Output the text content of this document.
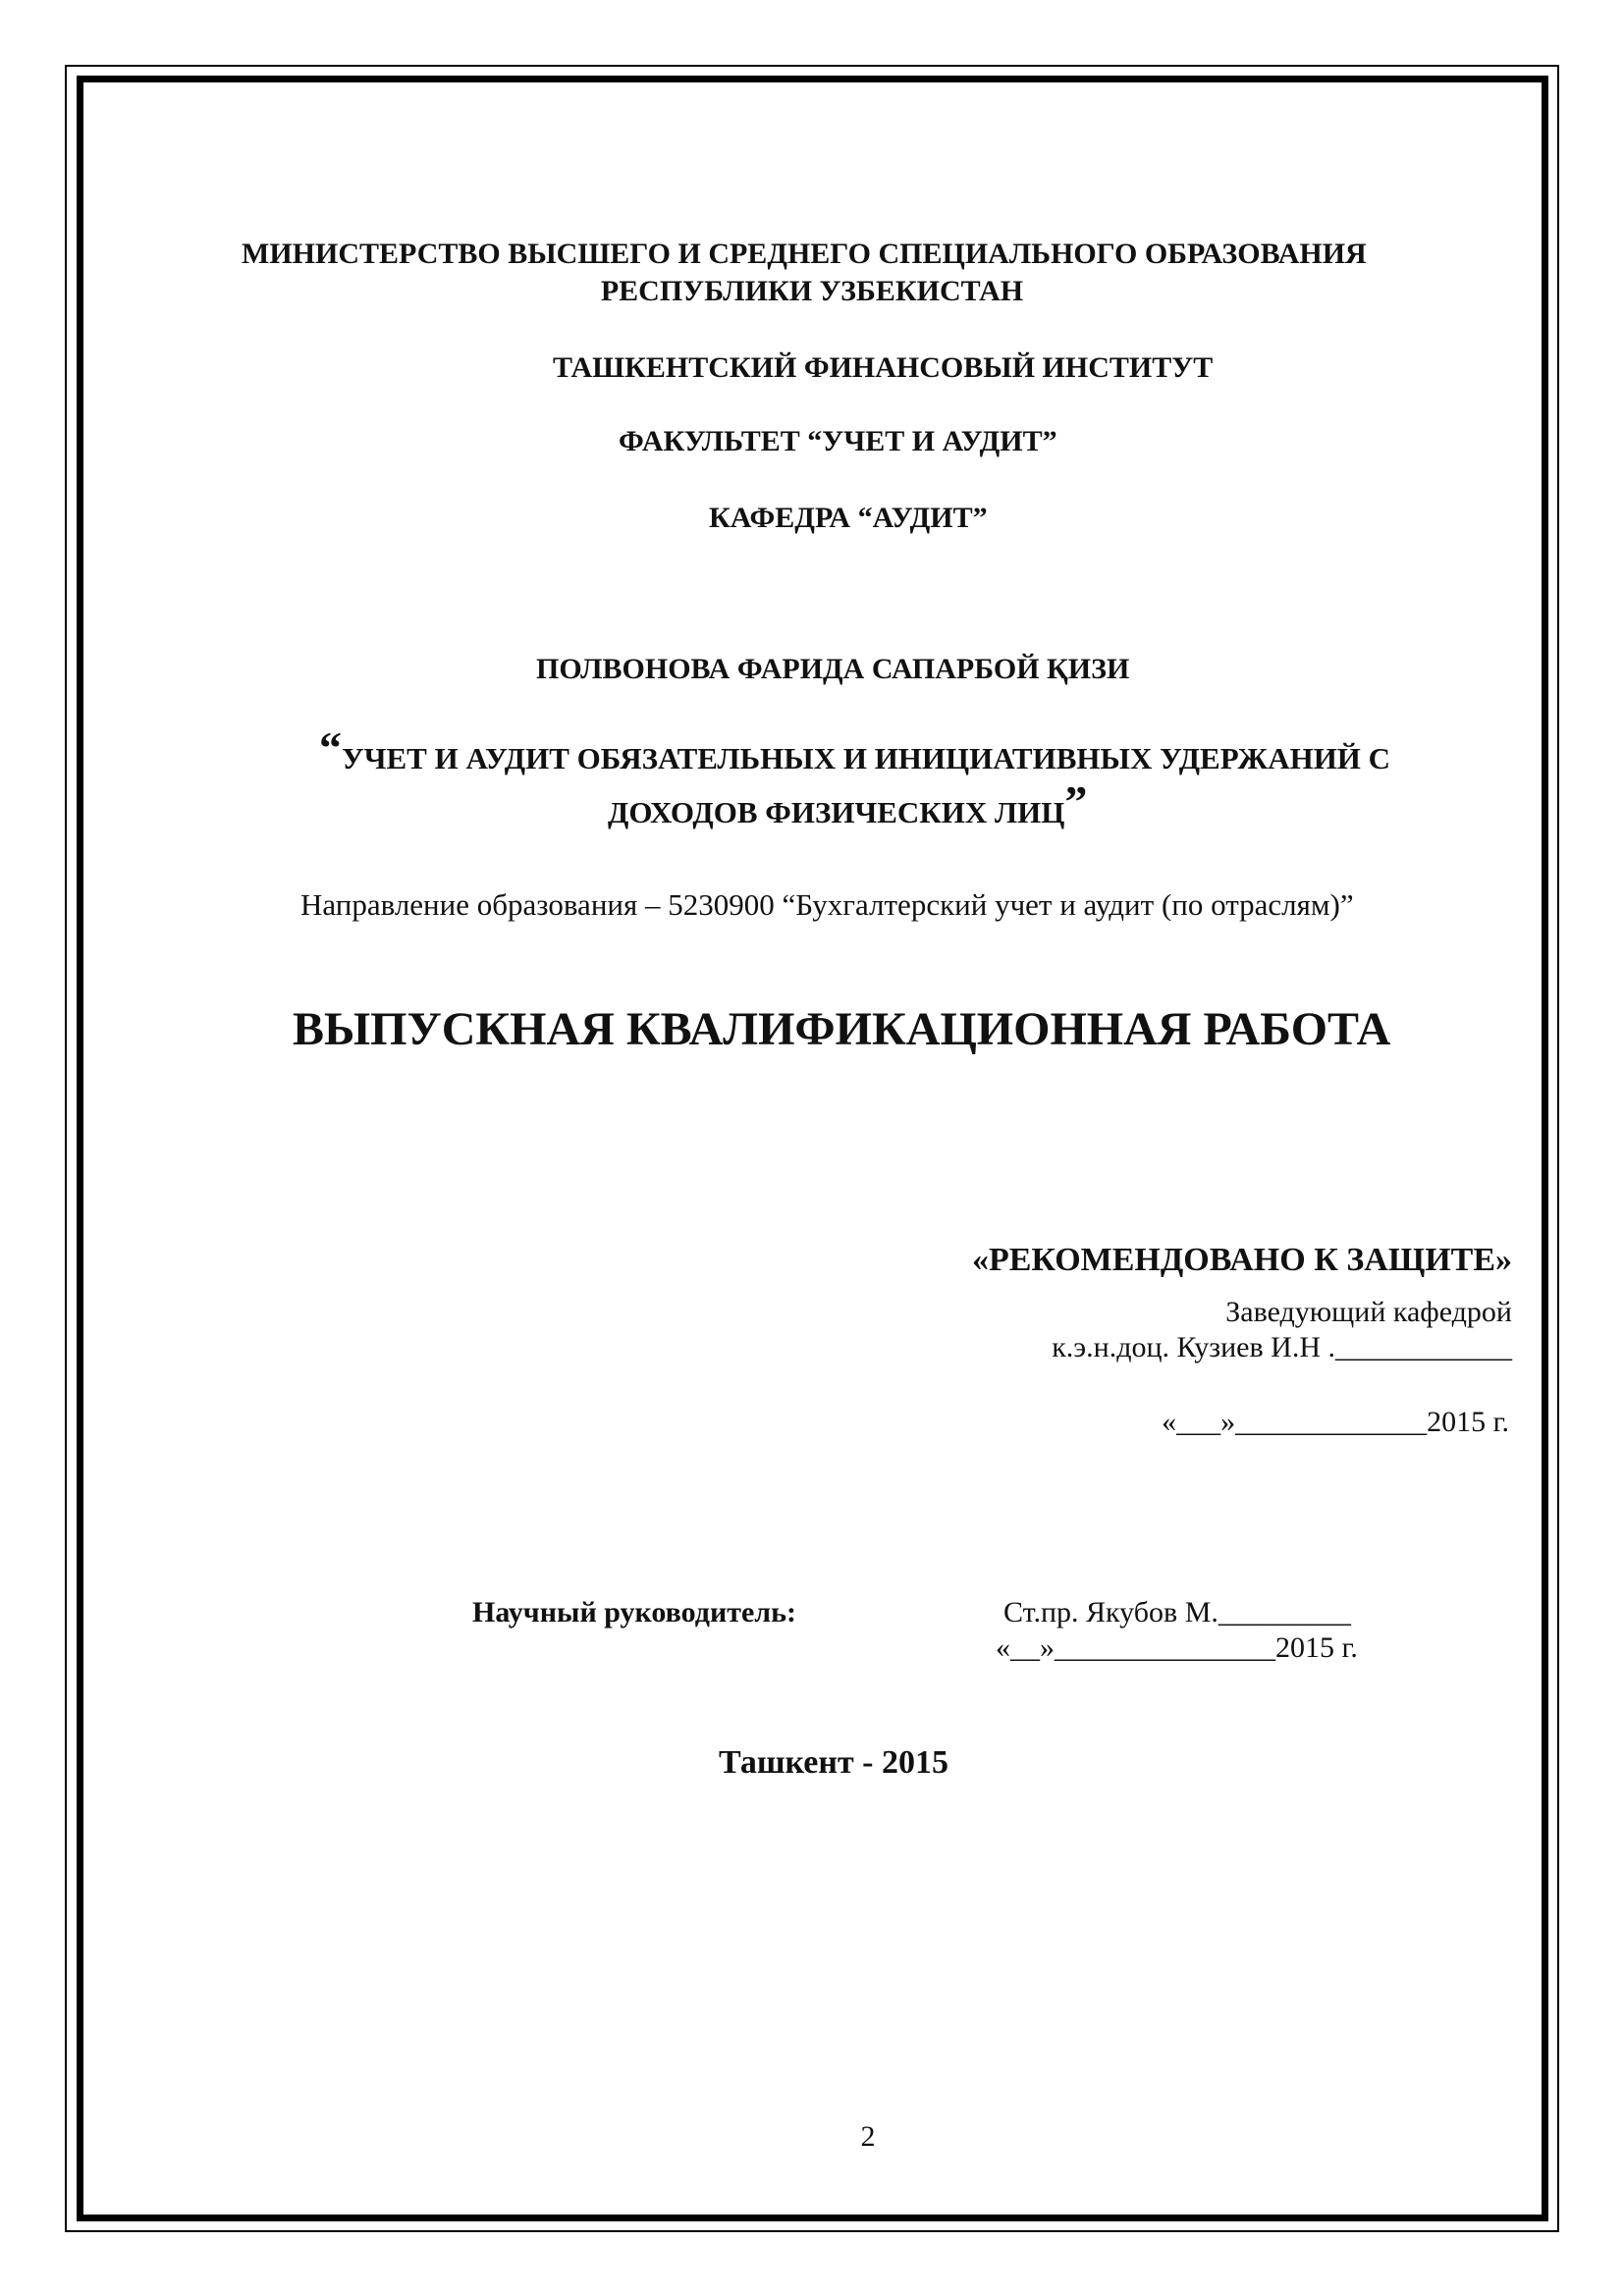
МИНИСТЕРСТВО ВЫСШЕГО И СРЕДНЕГО СПЕЦИАЛЬНОГО ОБРАЗОВАНИЯ
РЕСПУБЛИКИ УЗБЕКИСТАН
ТАШКЕНТСКИЙ ФИНАНСОВЫЙ ИНСТИТУТ
ФАКУЛЬТЕТ “УЧЕТ И АУДИТ”
КАФЕДРА “АУДИТ”
ПОЛВОНОВА ФАРИДА САПАРБОЙ ҚИЗИ
“УЧЕТ И АУДИТ ОБЯЗАТЕЛЬНЫХ И ИНИЦИАТИВНЫХ УДЕРЖАНИЙ С
ДОХОДОВ ФИЗИЧЕСКИХ ЛИЦ”
Направление образования – 5230900 “Бухгалтерский учет и аудит (по отраслям)”
ВЫПУСКНАЯ КВАЛИФИКАЦИОННАЯ РАБОТА
«РЕКОМЕНДОВАНО К ЗАЩИТЕ»
Заведующий кафедрой
к.э.н.доц. Кузиев И.Н .____________
«___»_____________2015 г.
Научный руководитель:	Ст.пр. Якубов М._________
«__»_______________2015 г.
Ташкент - 2015
2
